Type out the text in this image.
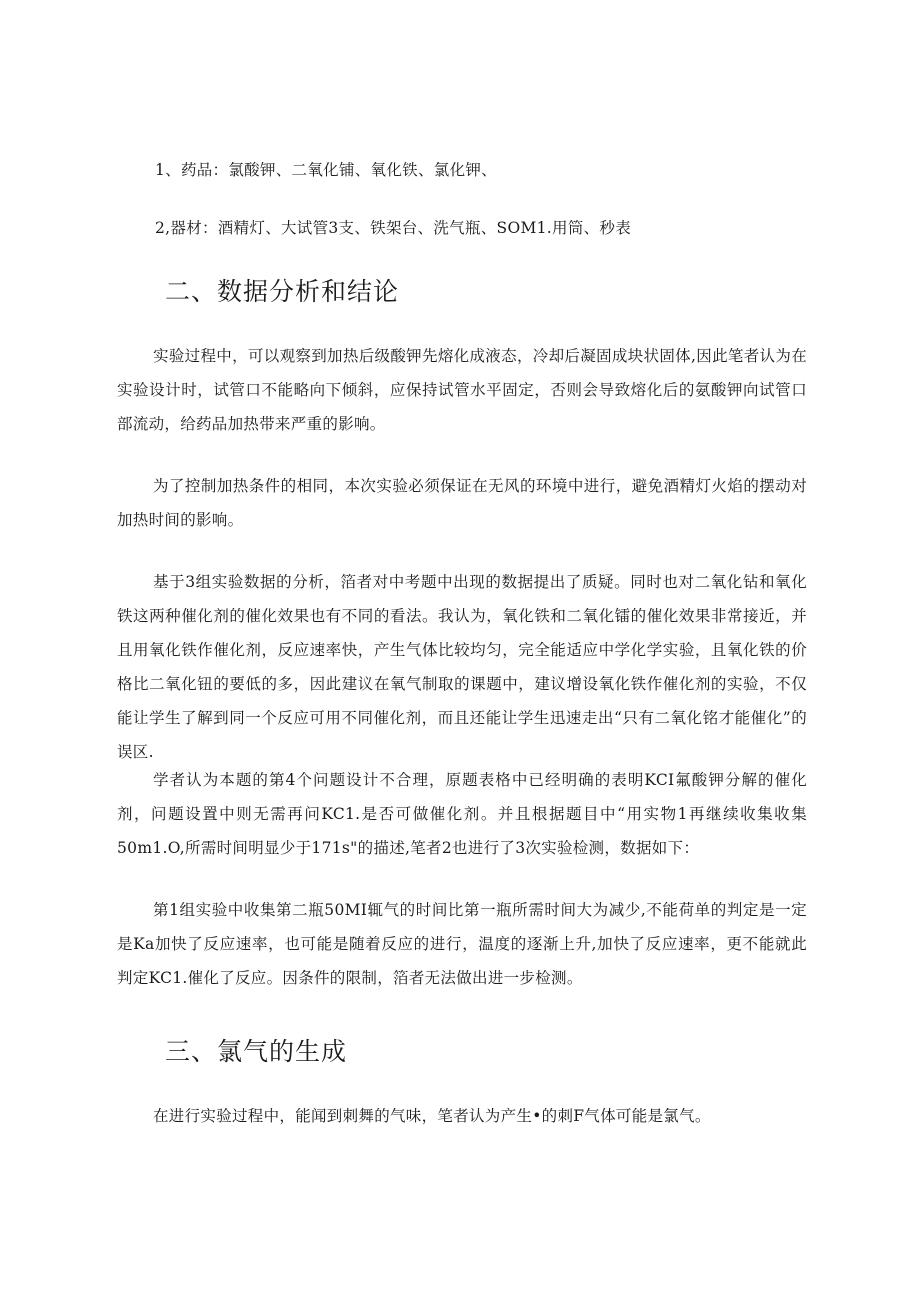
1、药品：氯酸钾、二氧化铺、氧化铁、氯化钾、
2,器材：酒精灯、大试管3支、铁架台、洗气瓶、SOM1.用筒、秒表
二、数据分析和结论

实验过程中，可以观察到加热后级酸钾先熔化成液态，冷却后凝固成块状固体,因此笔者认为在实验设计时，试管口不能略向下倾斜，应保持试管水平固定，否则会导致熔化后的氨酸钾向试管口部流动，给药品加热带来严重的影响。

为了控制加热条件的相同，本次实验必须保证在无风的环境中进行，避免酒精灯火焰的摆动对加热时间的影响。

基于3组实验数据的分析，箔者对中考题中出现的数据提出了质疑。同时也对二氧化钻和氧化铁这两种催化剂的催化效果也有不同的看法。我认为，氧化铁和二氧化镭的催化效果非常接近，并且用氧化铁作催化剂，反应速率快，产生气体比较均匀，完全能适应中学化学实验，且氧化铁的价格比二氧化钮的要低的多，因此建议在氧气制取的课题中，建议增设氧化铁作催化剂的实验，不仅能让学生了解到同一个反应可用不同催化剂，而且还能让学生迅速走出“只有二氧化铭才能催化”的误区.

学者认为本题的第4个问题设计不合理，原题表格中已经明确的表明KCI氟酸钾分解的催化剂，问题设置中则无需再问KC1.是否可做催化剂。并且根据题目中“用实物1再继续收集收集50m1.O,所需时间明显少于171s"的描述,笔者2也进行了3次实验检测，数据如下：

第1组实验中收集第二瓶50MI辄气的时间比第一瓶所需时间大为减少,不能荷单的判定是一定是Ka加快了反应速率，也可能是随着反应的进行，温度的逐渐上升,加快了反应速率，更不能就此判定KC1.催化了反应。因条件的限制，箔者无法做出进一步检测。

三、氯气的生成

在进行实验过程中，能闻到刺舞的气味，笔者认为产生•的刺F气体可能是氯气。
